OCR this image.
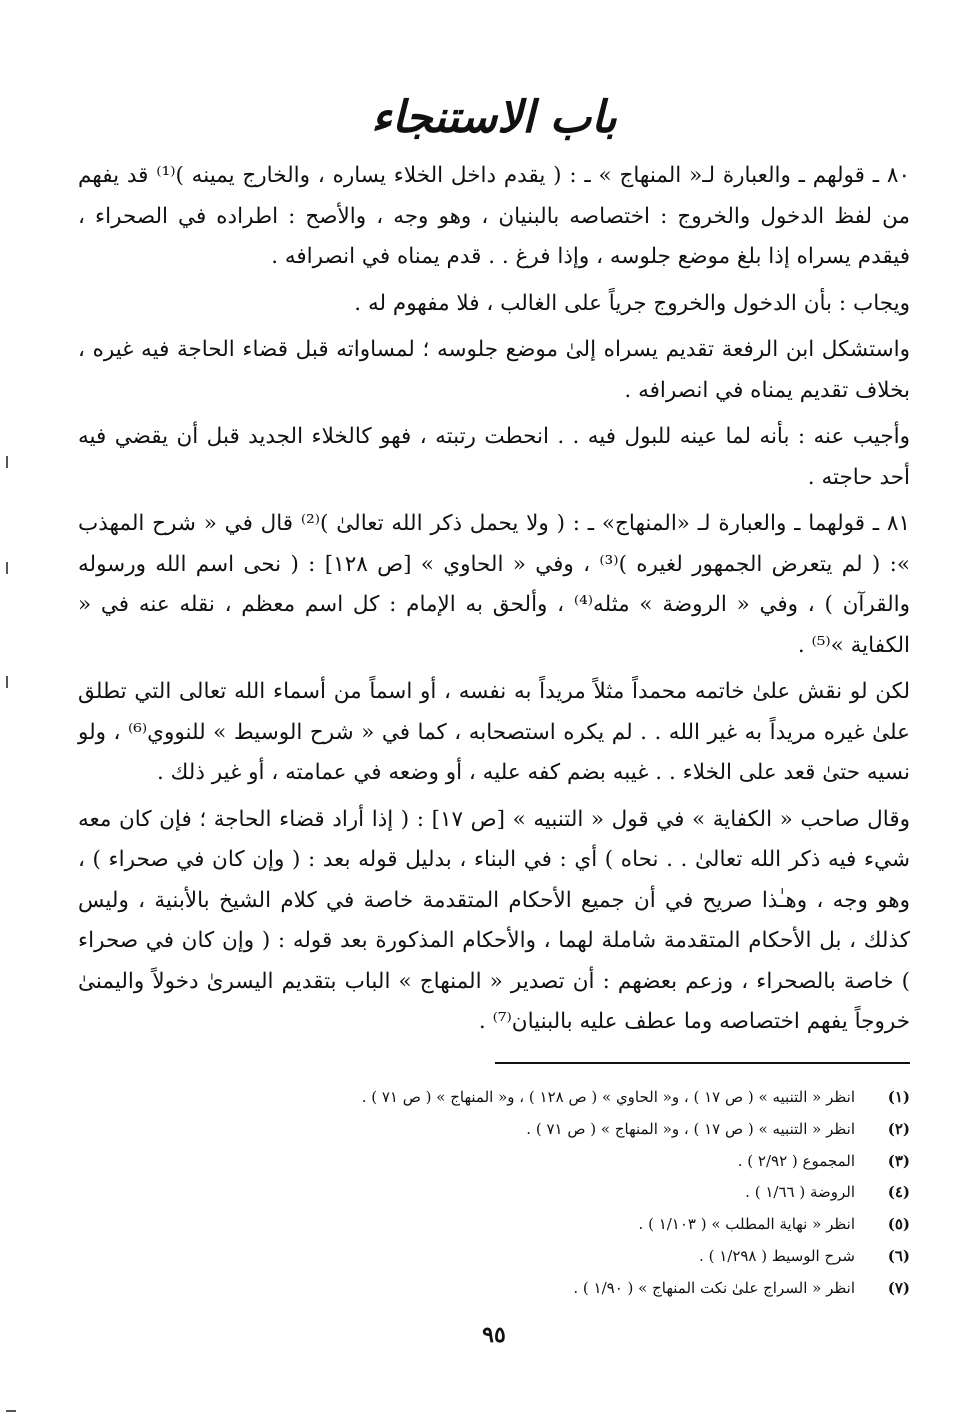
باب الاستنجاء

٨٠ ـ قولهم ـ والعبارة لـ« المنهاج » ـ : ( يقدم داخل الخلاء يساره ، والخارج يمينه )⁽¹⁾ قد يفهم من لفظ الدخول والخروج : اختصاصه بالبنيان ، وهو وجه ، والأصح : اطراده في الصحراء ، فيقدم يسراه إذا بلغ موضع جلوسه ، وإذا فرغ . . قدم يمناه في انصرافه .

ويجاب : بأن الدخول والخروج جرياً على الغالب ، فلا مفهوم له .

واستشكل ابن الرفعة تقديم يسراه إلىٰ موضع جلوسه ؛ لمساواته قبل قضاء الحاجة فيه غيره ، بخلاف تقديم يمناه في انصرافه .

وأجيب عنه : بأنه لما عينه للبول فيه . . انحطت رتبته ، فهو كالخلاء الجديد قبل أن يقضي فيه أحد حاجته .

٨١ ـ قولهما ـ والعبارة لـ «المنهاج» ـ : ( ولا يحمل ذكر الله تعالىٰ )⁽²⁾ قال في « شرح المهذب »: ( لم يتعرض الجمهور لغيره )⁽³⁾ ، وفي « الحاوي » [ص ١٢٨] : ( نحى اسم الله ورسوله والقرآن ) ، وفي « الروضة » مثله⁽⁴⁾ ، وألحق به الإمام : كل اسم معظم ، نقله عنه في « الكفاية »⁽⁵⁾ .

لكن لو نقش علىٰ خاتمه محمداً مثلاً مريداً به نفسه ، أو اسماً من أسماء الله تعالى التي تطلق علىٰ غيره مريداً به غير الله . . لم يكره استصحابه ، كما في « شرح الوسيط » للنووي⁽⁶⁾ ، ولو نسيه حتىٰ قعد على الخلاء . . غيبه بضم كفه عليه ، أو وضعه في عمامته ، أو غير ذلك .

وقال صاحب « الكفاية » في قول « التنبيه » [ص ١٧] : ( إذا أراد قضاء الحاجة ؛ فإن كان معه شيء فيه ذكر الله تعالىٰ . . نحاه ) أي : في البناء ، بدليل قوله بعد : ( وإن كان في صحراء ) ، وهو وجه ، وهـٰذا صريح في أن جميع الأحكام المتقدمة خاصة في كلام الشيخ بالأبنية ، وليس كذلك ، بل الأحكام المتقدمة شاملة لهما ، والأحكام المذكورة بعد قوله : ( وإن كان في صحراء ) خاصة بالصحراء ، وزعم بعضهم : أن تصدير « المنهاج » الباب بتقديم اليسرىٰ دخولاً واليمنىٰ خروجاً يفهم اختصاصه وما عطف عليه بالبنيان⁽⁷⁾ .

(١)
انظر « التنبيه » ( ص ١٧ ) ، و« الحاوي » ( ص ١٢٨ ) ، و« المنهاج » ( ص ٧١ ) .
(٢)
انظر « التنبيه » ( ص ١٧ ) ، و« المنهاج » ( ص ٧١ ) .
(٣)
المجموع ( ٢/٩٢ ) .
(٤)
الروضة ( ١/٦٦ ) .
(٥)
انظر « نهاية المطلب » ( ١/١٠٣ ) .
(٦)
شرح الوسيط ( ١/٢٩٨ ) .
(٧)
انظر « السراج علىٰ نكت المنهاج » ( ١/٩٠ ) .
٩٥
